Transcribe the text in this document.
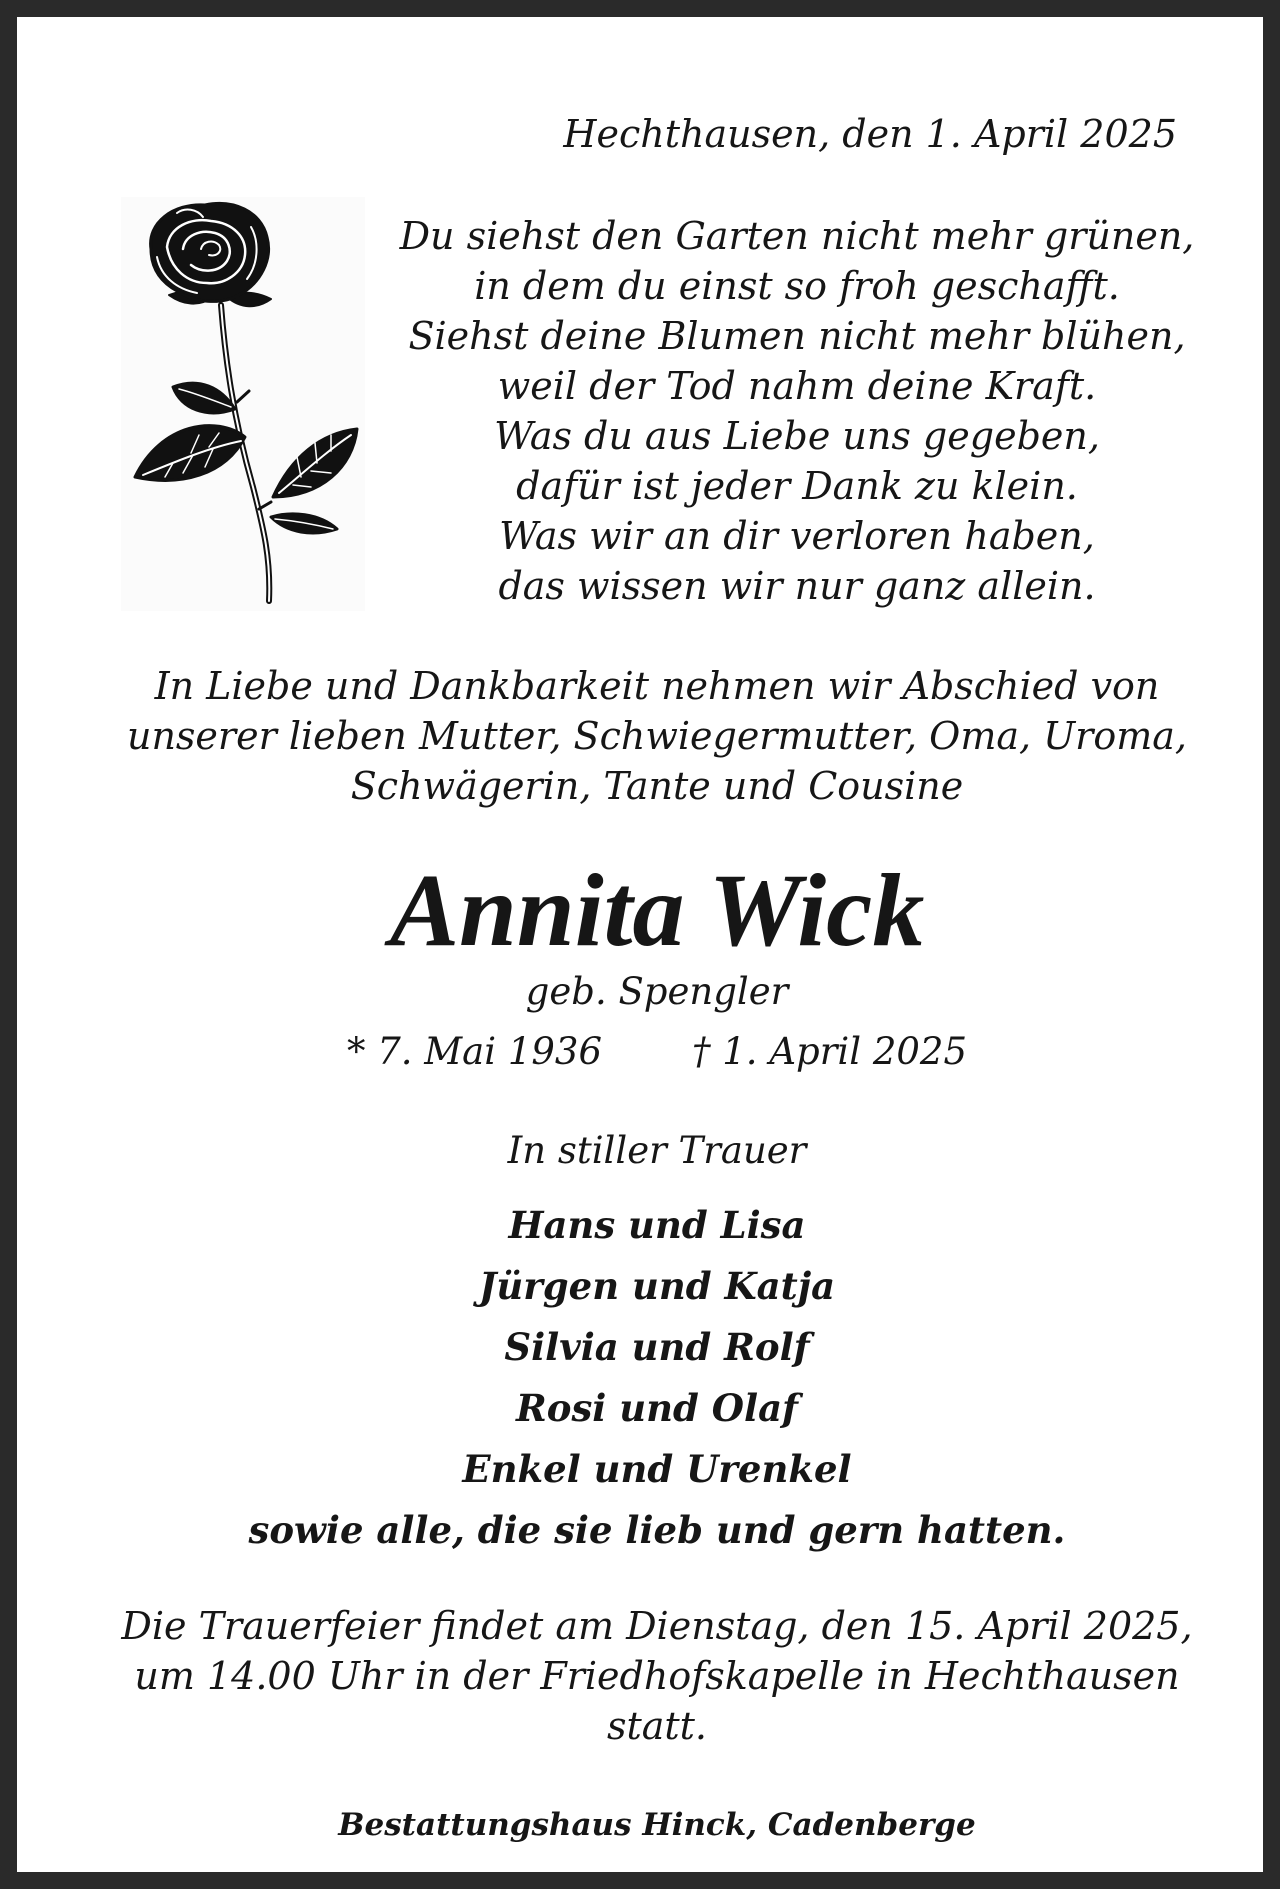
Hechthausen, den 1. April 2025
Du siehst den Garten nicht mehr grünen,
in dem du einst so froh geschafft.
Siehst deine Blumen nicht mehr blühen,
weil der Tod nahm deine Kraft.
Was du aus Liebe uns gegeben,
dafür ist jeder Dank zu klein.
Was wir an dir verloren haben,
das wissen wir nur ganz allein.
In Liebe und Dankbarkeit nehmen wir Abschied von
unserer lieben Mutter, Schwiegermutter, Oma, Uroma,
Schwägerin, Tante und Cousine
Annita Wick
geb. Spengler
* 7. Mai 1936 † 1. April 2025
In stiller Trauer
Hans und Lisa
Jürgen und Katja
Silvia und Rolf
Rosi und Olaf
Enkel und Urenkel
sowie alle, die sie lieb und gern hatten.
Die Trauerfeier findet am Dienstag, den 15. April 2025,
um 14.00 Uhr in der Friedhofskapelle in Hechthausen
statt.
Bestattungshaus Hinck, Cadenberge
